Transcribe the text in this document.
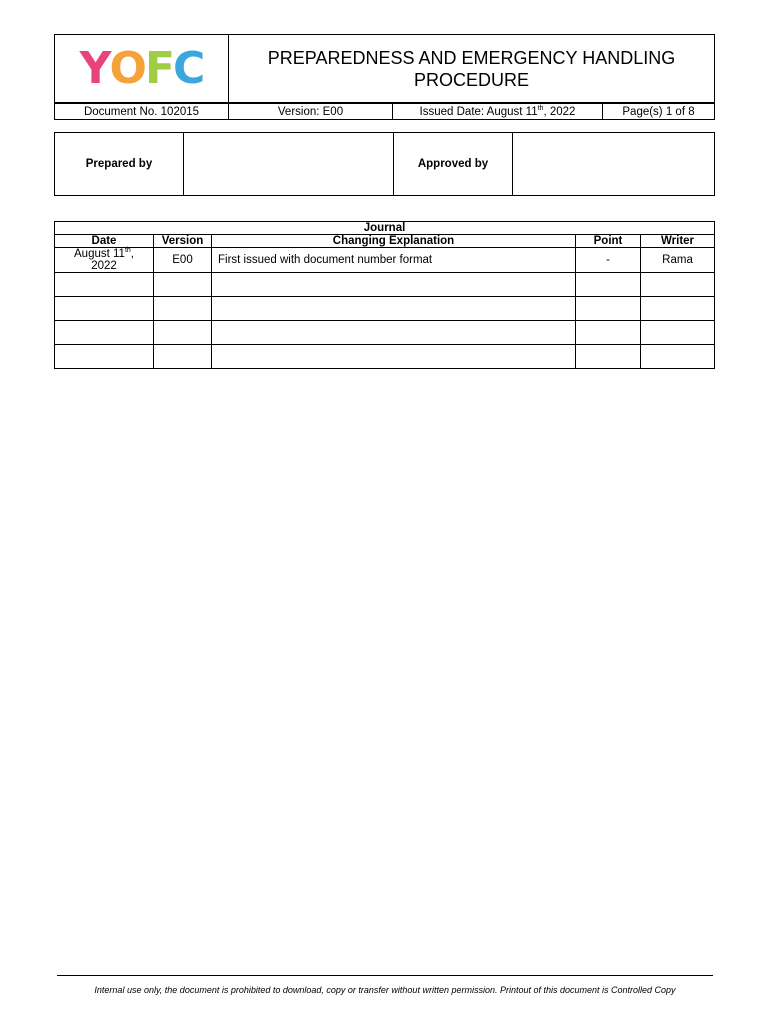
YOFC	PREPAREDNESS AND EMERGENCY HANDLING
PROCEDURE		

Document No. 102015	Version: E00	Issued Date: August 11th, 2022	Page(s) 1 of 8
Prepared by		Approved by	
Journal				
Date	Version	Changing Explanation	Point	Writer
August 11th,
2022	E00	First issued with document number format	-	Rama

Internal use only, the document is prohibited to download, copy or transfer without written permission. Printout of this document is Controlled Copy
